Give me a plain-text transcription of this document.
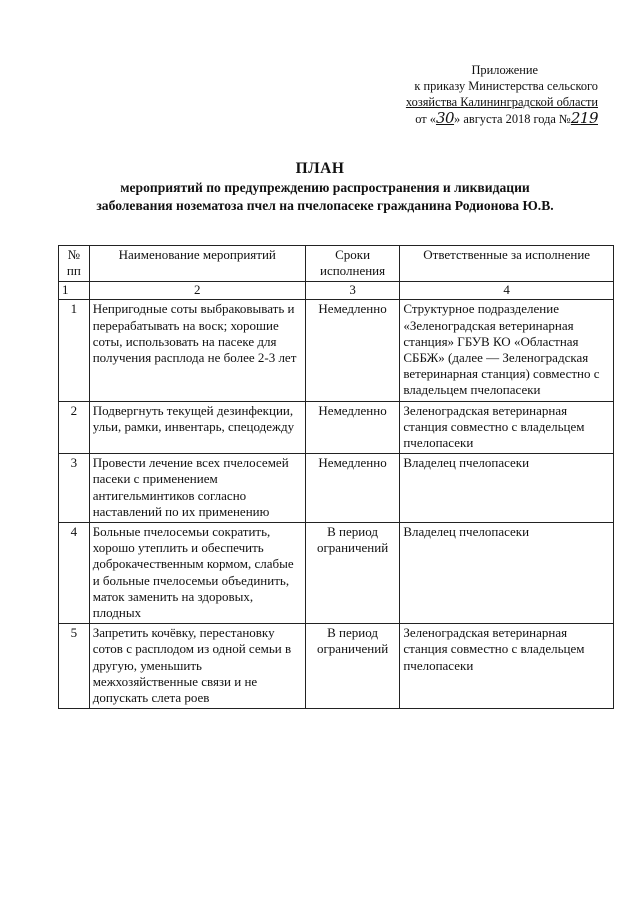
Приложение
к приказу Министерства сельского
хозяйства Калининградской области
от «30» августа 2018 года №219
ПЛАН
мероприятий по предупреждению распространения и ликвидации
заболевания нозематоза пчел на пчелопасеке гражданина Родионова Ю.В.
№ пп	Наименование мероприятий	Сроки исполнения	Ответственные за исполнение
1	2	3	4
1	Непригодные соты выбраковывать и перерабатывать на воск; хорошие соты, использовать на пасеке для получения расплода не более 2-3 лет	Немедленно	Структурное подразделение «Зеленоградская ветеринарная станция» ГБУВ КО «Областная СББЖ» (далее — Зеленоградская ветеринарная станция) совместно с владельцем пчелопасеки
2	Подвергнуть текущей дезинфекции, ульи, рамки, инвентарь, спецодежду	Немедленно	Зеленоградская ветеринарная станция совместно с владельцем пчелопасеки
3	Провести лечение всех пчелосемей пасеки с применением антигельминтиков согласно наставлений по их применению	Немедленно	Владелец пчелопасеки
4	Больные пчелосемьи сократить, хорошо утеплить и обеспечить доброкачественным кормом, слабые и больные пчелосемьи объединить, маток заменить на здоровых, плодных	В период ограничений	Владелец пчелопасеки
5	Запретить кочёвку, перестановку сотов с расплодом из одной семьи в другую, уменьшить межхозяйственные связи и не допускать слета роев	В период ограничений	Зеленоградская ветеринарная станция совместно с владельцем пчелопасеки
